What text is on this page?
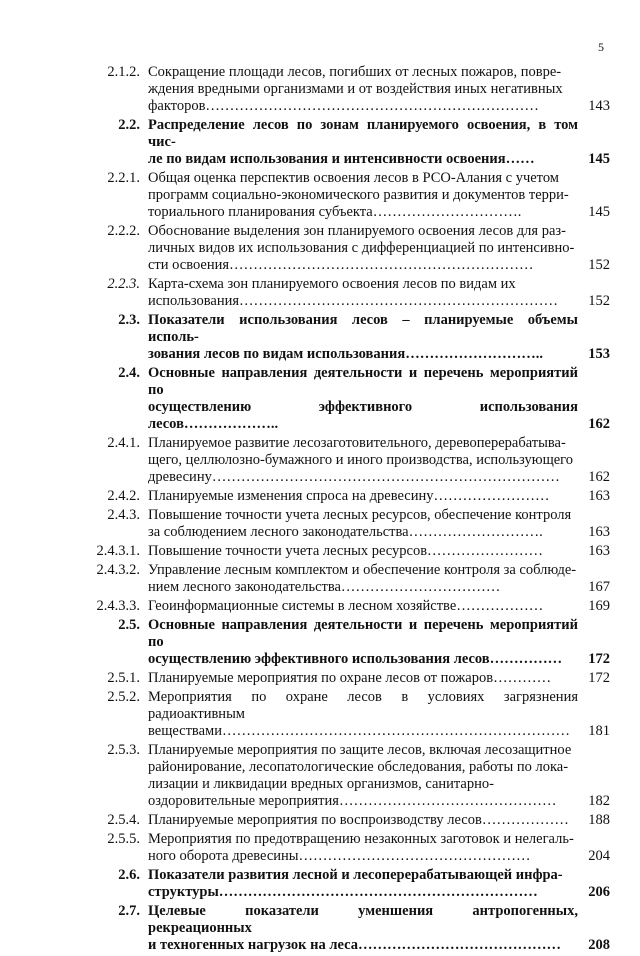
5
2.1.2. Сокращение площади лесов, погибших от лесных пожаров, повре-
ждения вредными организмами и от воздействия иных негативных
факторов……………………………………………………………	143
2.2. Распределение лесов по зонам планируемого освоения, в том чис-
ле по видам использования и интенсивности освоения……	145
2.2.1. Общая оценка перспектив освоения лесов в РСО-Алания с учетом
программ социально-экономического развития и документов терри-
ториального планирования субъекта………………………….	145
2.2.2. Обоснование выделения зон планируемого освоения лесов для раз-
личных видов их использования с дифференциацией по интенсивно-
сти освоения………………………………………………………	152
2.2.3. Карта-схема зон планируемого освоения лесов по видам их
использования…………………………………………………………	152
2.3. Показатели использования лесов – планируемые объемы исполь-
зования лесов по видам использования………………………..	153
2.4. Основные направления деятельности и перечень мероприятий по
осуществлению эффективного использования лесов………………..	162
2.4.1. Планируемое развитие лесозаготовительного, деревоперерабатыва-
щего, целлюлозно-бумажного и иного производства, использующего
древесину………………………………………………………………	162
2.4.2. Планируемые изменения спроса на древесину……………………	163
2.4.3. Повышение точности учета лесных ресурсов, обеспечение контроля
за соблюдением лесного законодательства……………………….	163
2.4.3.1. Повышение точности учета лесных ресурсов……………………	163
2.4.3.2. Управление лесным комплектом и обеспечение контроля за соблюде-
нием лесного законодательства……………………………	167
2.4.3.3. Геоинформационные системы в лесном хозяйстве………………	169
2.5. Основные направления деятельности и перечень мероприятий по
осуществлению эффективного использования лесов……………	172
2.5.1. Планируемые мероприятия по охране лесов от пожаров…………	172
2.5.2. Мероприятия по охране лесов в условиях загрязнения радиоактивным
веществами………………………………………………………………	181
2.5.3. Планируемые мероприятия по защите лесов, включая лесозащитное
районирование, лесопатологические обследования, работы по лока-
лизации и ликвидации вредных организмов, санитарно-
оздоровительные мероприятия………………………………………	182
2.5.4. Планируемые мероприятия по воспроизводству лесов………………	188
2.5.5. Мероприятия по предотвращению незаконных заготовок и нелегаль-
ного оборота древесины…………………………………………	204
2.6. Показатели развития лесной и лесоперерабатывающей инфра-
структуры…………………………………………………………	206
2.7. Целевые показатели уменшения антропогенных, рекреационных
и техногенных нагрузок на леса……………………………………	208
